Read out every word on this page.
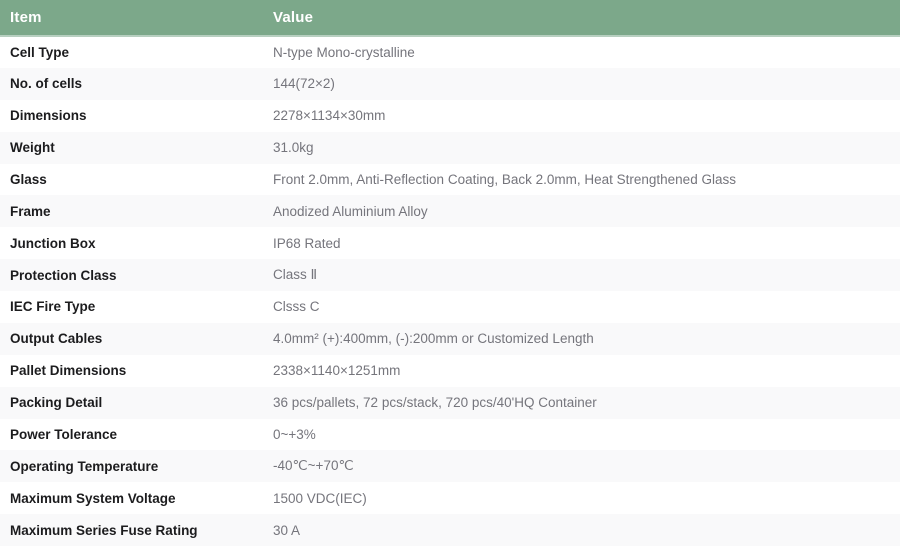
Item	Value
Cell Type	N-type Mono-crystalline
No. of cells	144(72×2)
Dimensions	2278×1134×30mm
Weight	31.0kg
Glass	Front 2.0mm, Anti-Reflection Coating, Back 2.0mm, Heat Strengthened Glass
Frame	Anodized Aluminium Alloy
Junction Box	IP68 Rated
Protection Class	Class Ⅱ
IEC Fire Type	Clsss C
Output Cables	4.0mm² (+):400mm, (-):200mm or Customized Length
Pallet Dimensions	2338×1140×1251mm
Packing Detail	36 pcs/pallets, 72 pcs/stack, 720 pcs/40'HQ Container
Power Tolerance	0~+3%
Operating Temperature	-40℃~+70℃
Maximum System Voltage	1500 VDC(IEC)
Maximum Series Fuse Rating	30 A
